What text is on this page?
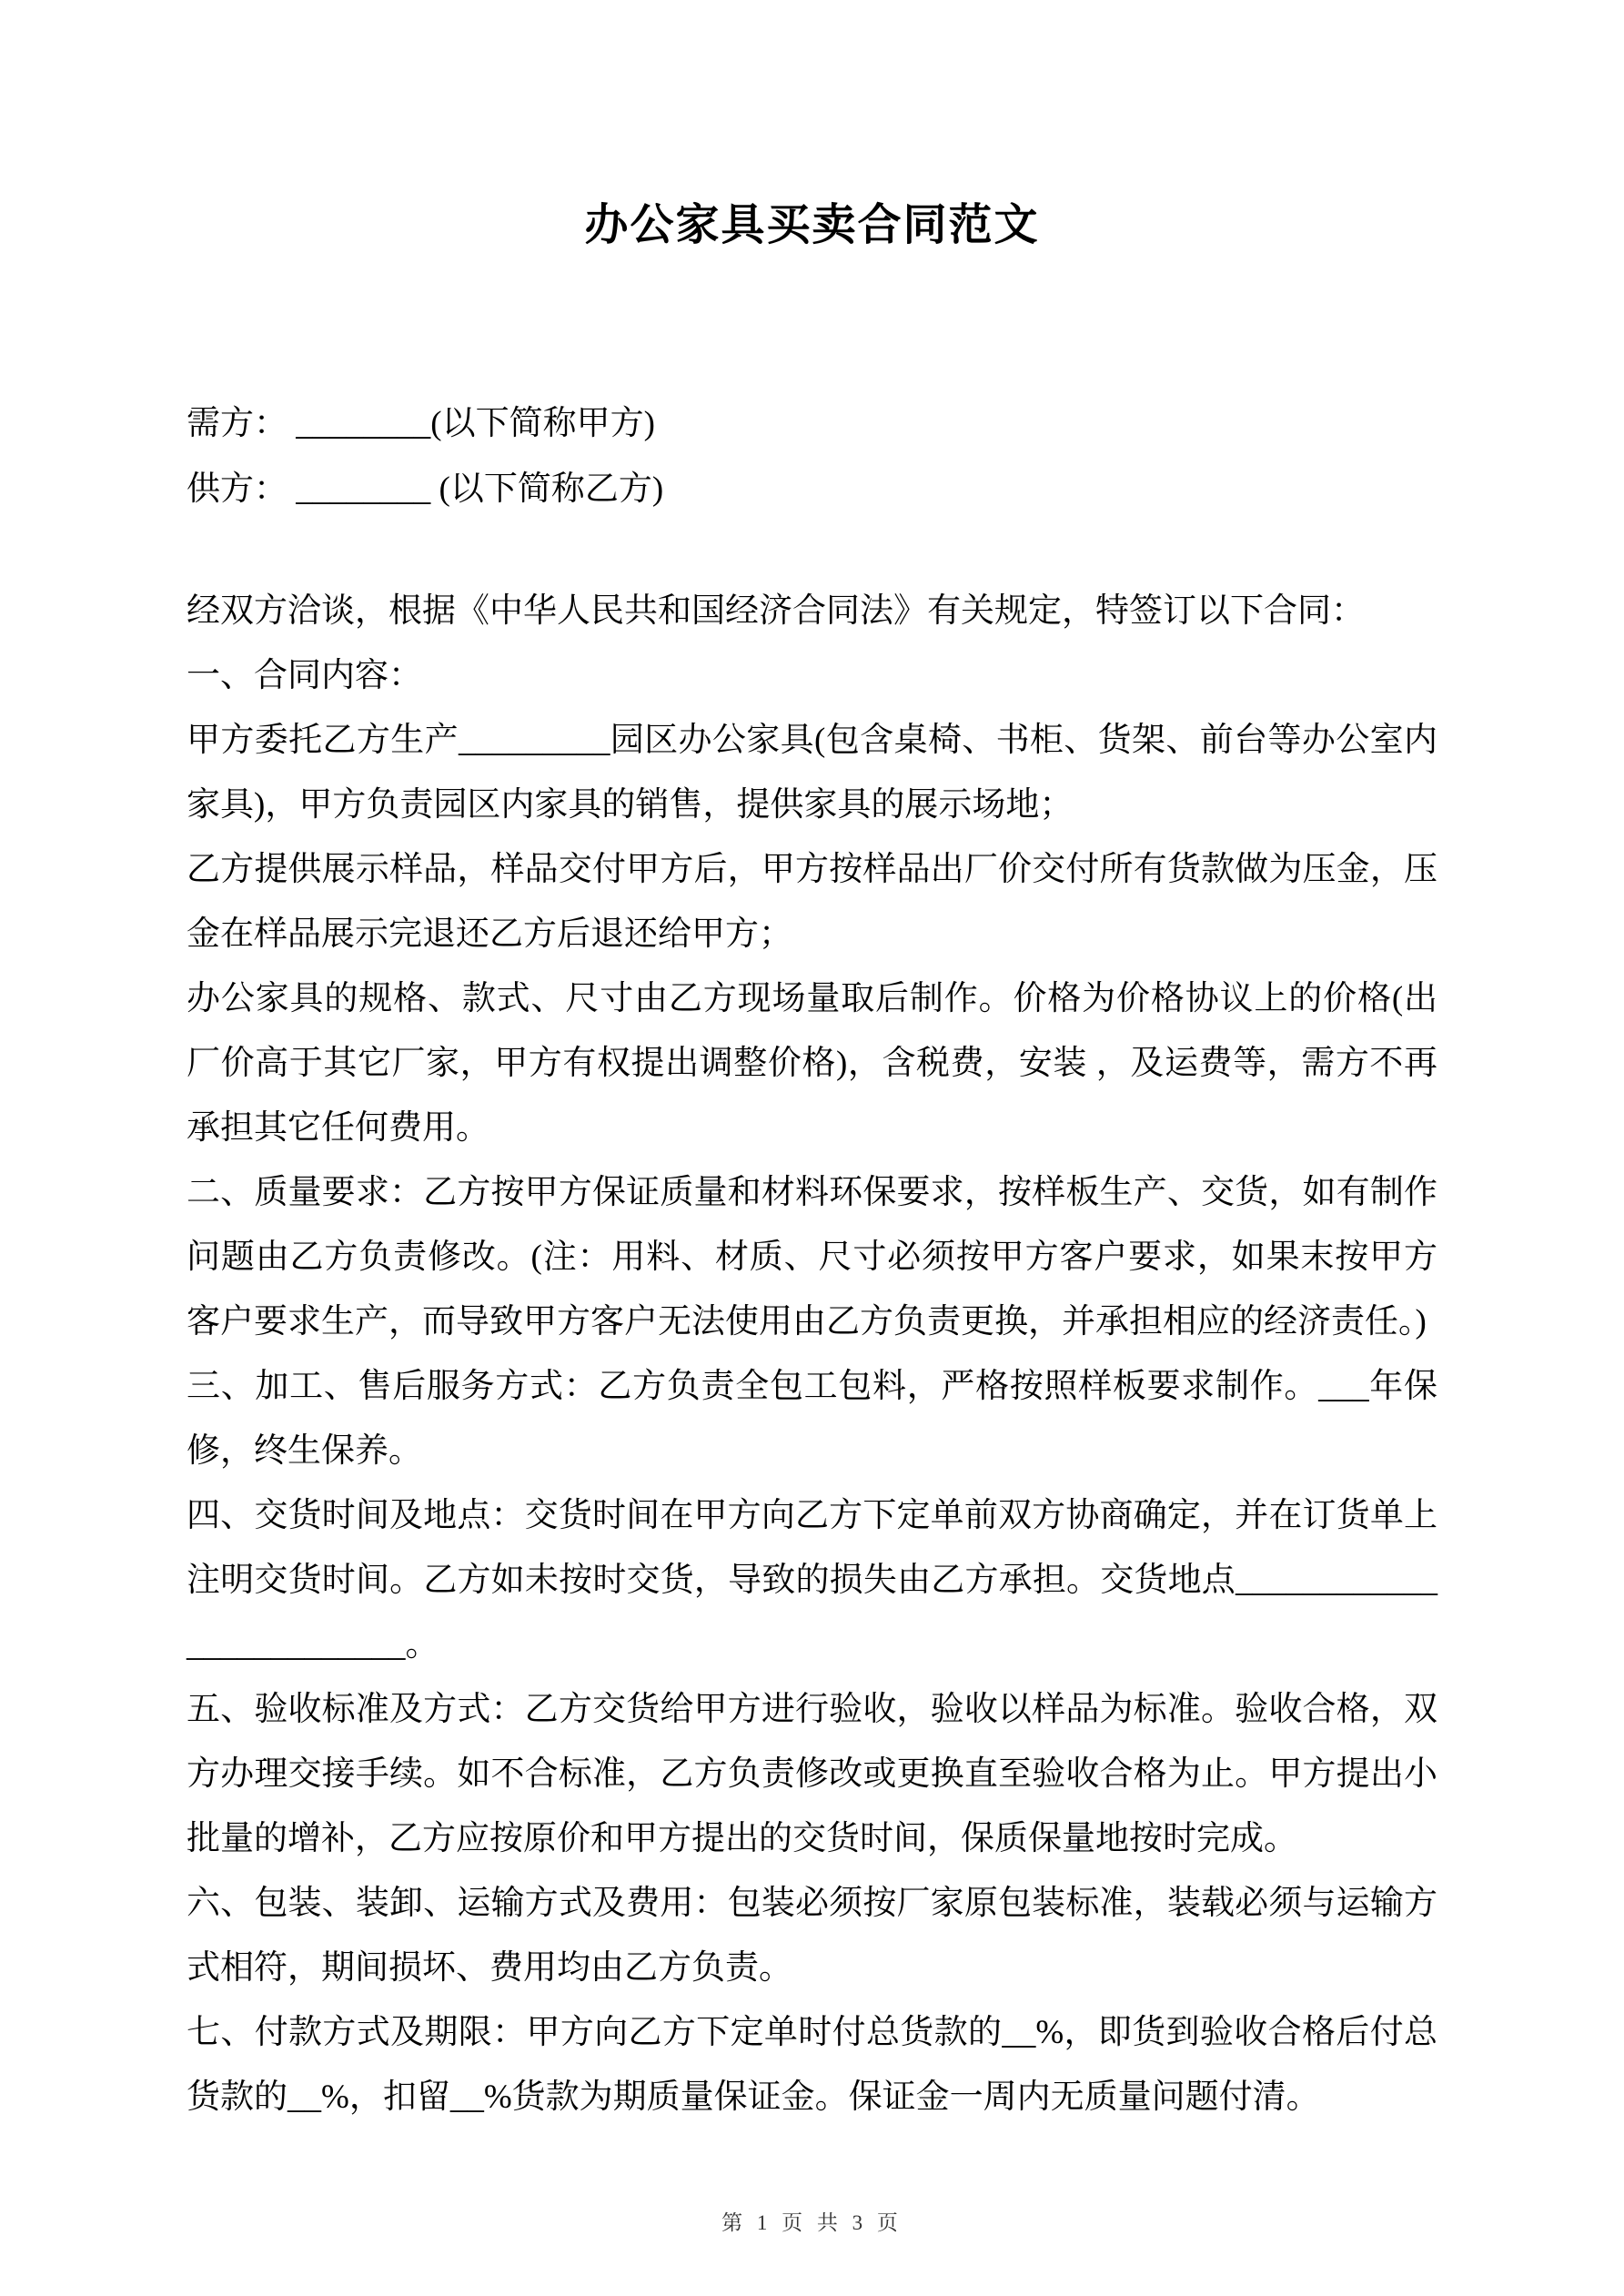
办公家具买卖合同范文

需方： ________(以下简称甲方)

供方： ________ (以下简称乙方)

经双方洽谈，根据《中华人民共和国经济合同法》有关规定，特签订以下合同：

一、合同内容：

甲方委托乙方生产_________园区办公家具(包含桌椅、书柜、货架、前台等办公室内家具)，甲方负责园区内家具的销售，提供家具的展示场地；

乙方提供展示样品，样品交付甲方后，甲方按样品出厂价交付所有货款做为压金，压金在样品展示完退还乙方后退还给甲方；

办公家具的规格、款式、尺寸由乙方现场量取后制作。价格为价格协议上的价格(出厂价高于其它厂家，甲方有权提出调整价格)，含税费，安装 ，及运费等，需方不再承担其它任何费用。

二、质量要求：乙方按甲方保证质量和材料环保要求，按样板生产、交货，如有制作问题由乙方负责修改。(注：用料、材质、尺寸必须按甲方客户要求，如果末按甲方客户要求生产，而导致甲方客户无法使用由乙方负责更换，并承担相应的经济责任。)

三、加工、售后服务方式：乙方负责全包工包料，严格按照样板要求制作。___年保修，终生保养。

四、交货时间及地点：交货时间在甲方向乙方下定单前双方协商确定，并在订货单上注明交货时间。乙方如未按时交货，导致的损失由乙方承担。交货地点_________________________。

五、验收标准及方式：乙方交货给甲方进行验收，验收以样品为标准。验收合格，双方办理交接手续。如不合标准，乙方负责修改或更换直至验收合格为止。甲方提出小批量的增补，乙方应按原价和甲方提出的交货时间，保质保量地按时完成。

六、包装、装卸、运输方式及费用：包装必须按厂家原包装标准，装载必须与运输方式相符，期间损坏、费用均由乙方负责。

七、付款方式及期限：甲方向乙方下定单时付总货款的__%，即货到验收合格后付总货款的__%，扣留__%货款为期质量保证金。保证金一周内无质量问题付清。

第 1 页 共 3 页
